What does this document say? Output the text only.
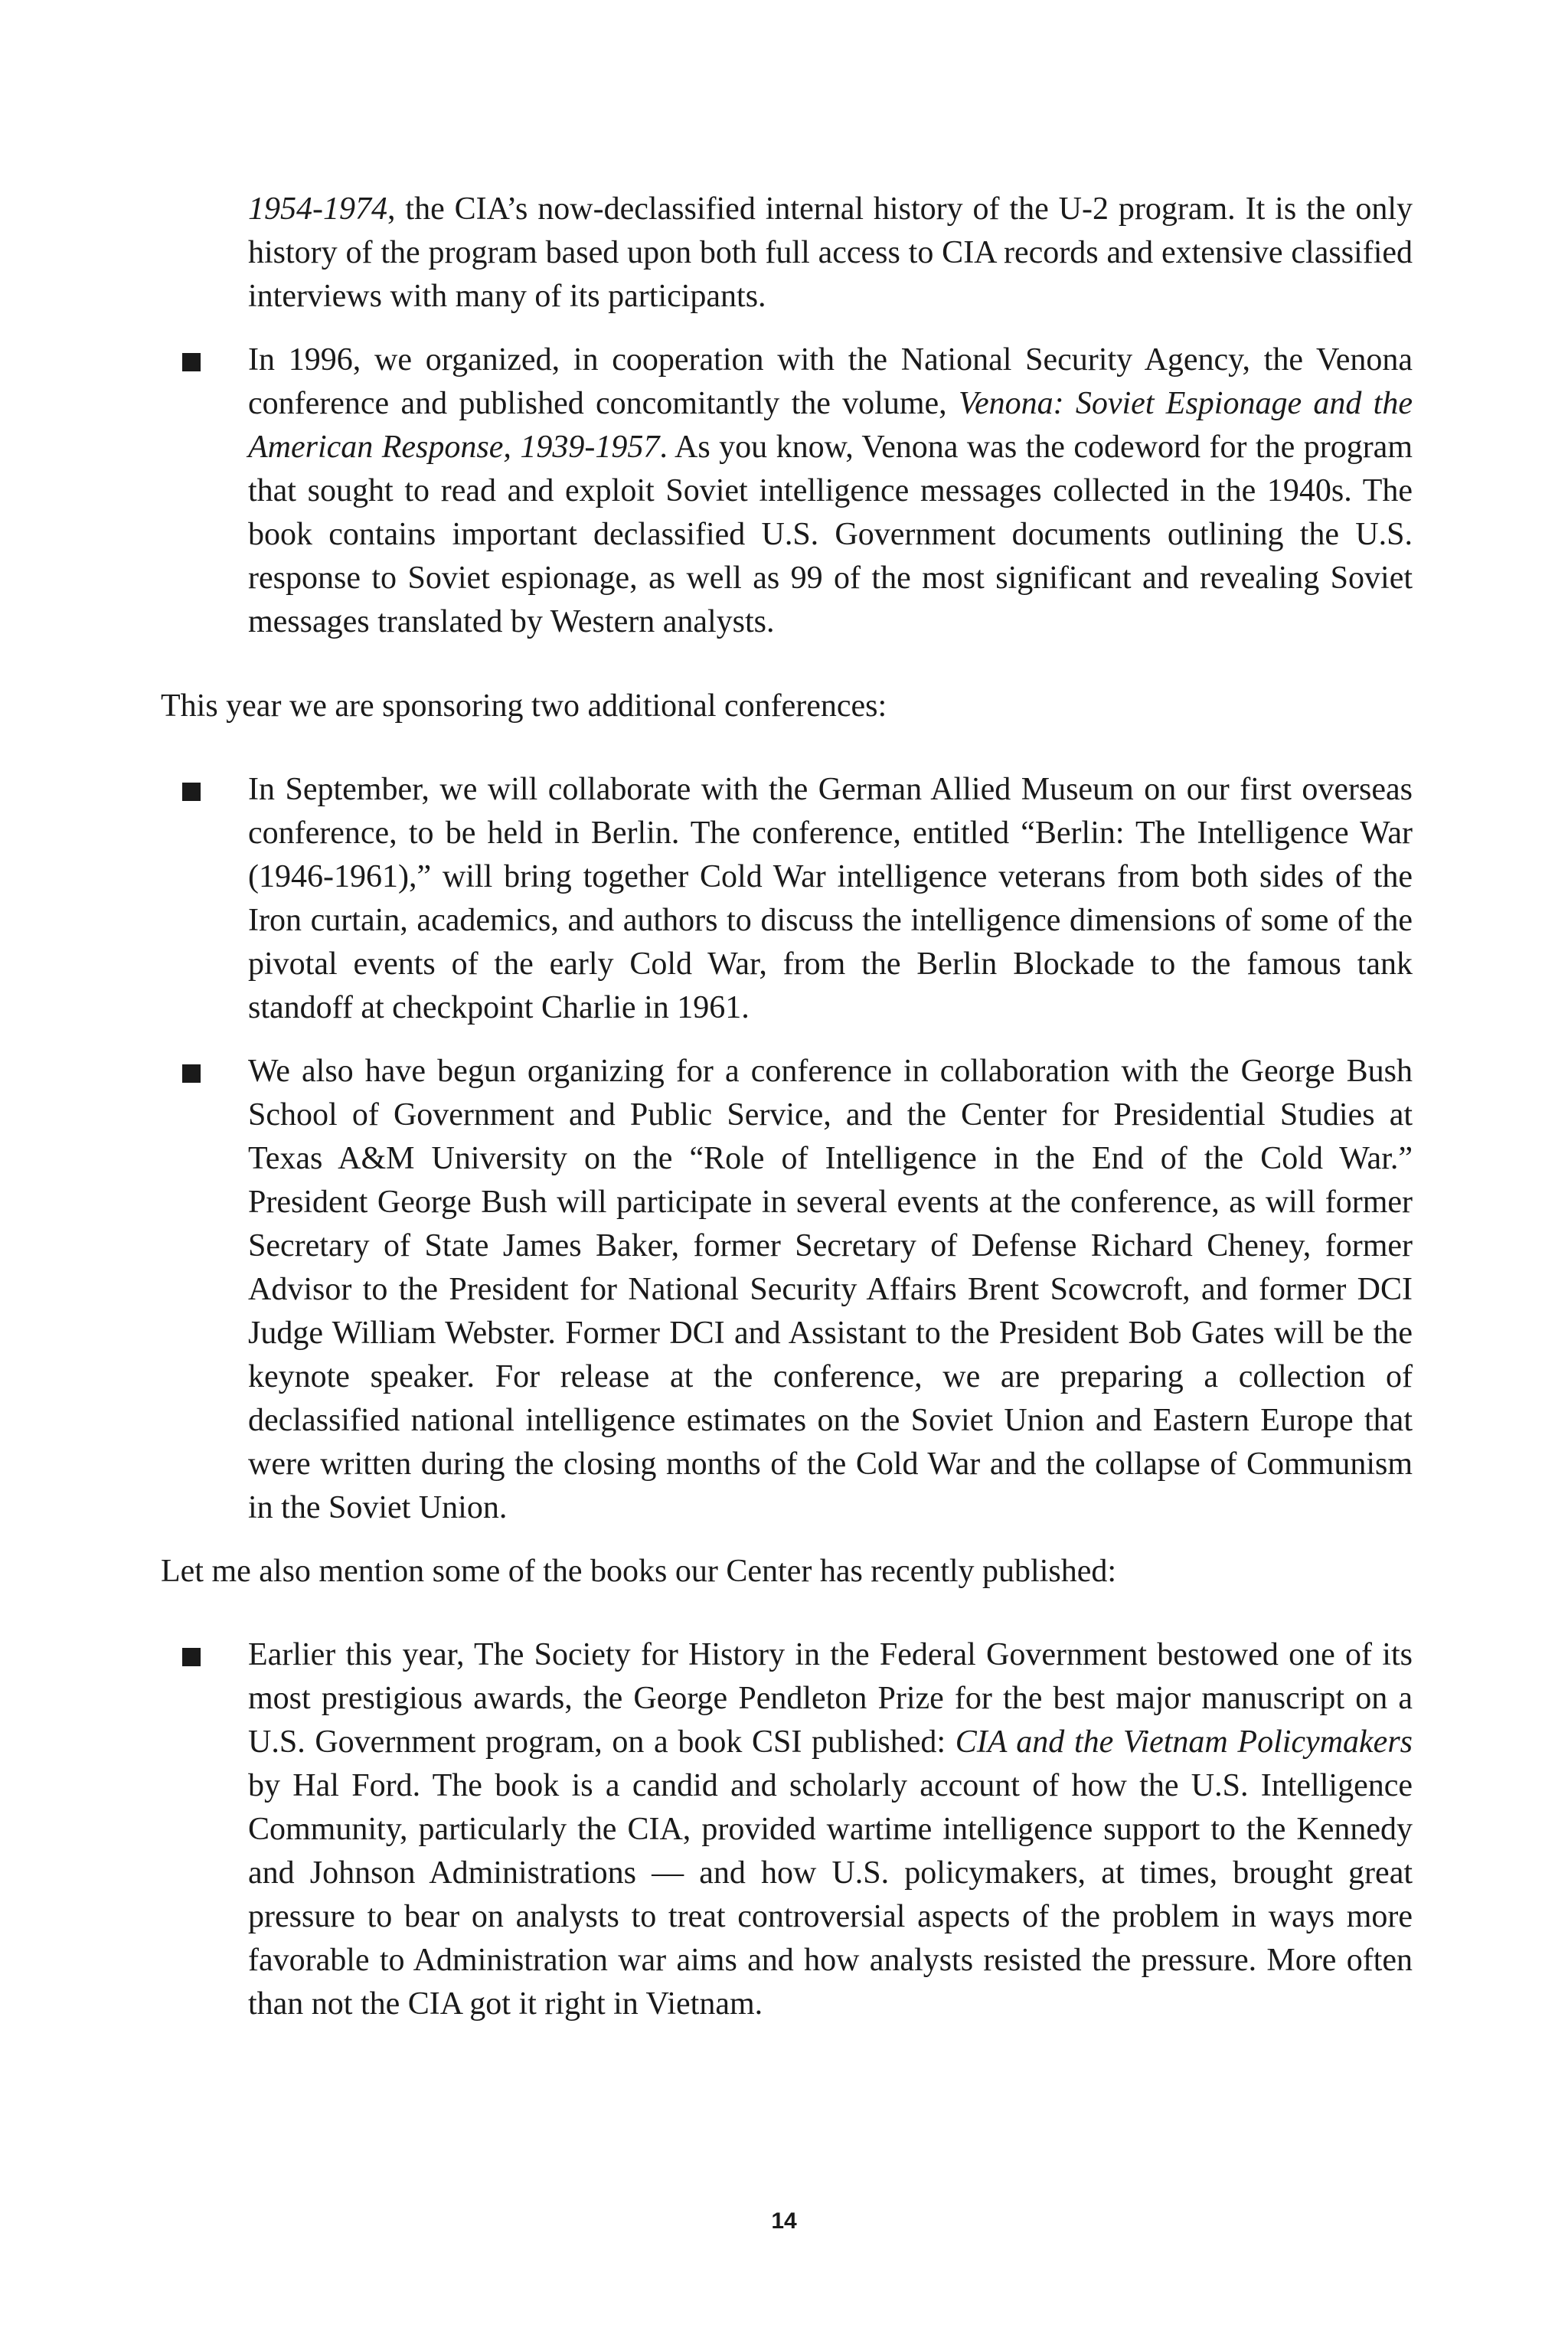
1954-1974, the CIA’s now-declassified internal history of the U-2 program. It is the only history of the program based upon both full access to CIA records and extensive classified interviews with many of its participants.

In 1996, we organized, in cooperation with the National Security Agency, the Venona conference and published concomitantly the volume, Venona: Soviet Espionage and the American Response, 1939-1957. As you know, Venona was the codeword for the program that sought to read and exploit Soviet intelligence messages collected in the 1940s. The book contains important declassified U.S. Government documents outlining the U.S. response to Soviet espionage, as well as 99 of the most significant and revealing Soviet messages translated by Western analysts.

This year we are sponsoring two additional conferences:

In September, we will collaborate with the German Allied Museum on our first overseas conference, to be held in Berlin. The conference, entitled “Berlin: The Intelligence War (1946-1961),” will bring together Cold War intelligence veterans from both sides of the Iron curtain, academics, and authors to discuss the intelligence dimensions of some of the pivotal events of the early Cold War, from the Berlin Blockade to the famous tank standoff at checkpoint Charlie in 1961.

We also have begun organizing for a conference in collaboration with the George Bush School of Government and Public Service, and the Center for Presidential Studies at Texas A&M University on the “Role of Intelligence in the End of the Cold War.” President George Bush will participate in several events at the conference, as will former Secretary of State James Baker, former Secretary of Defense Richard Cheney, former Advisor to the President for National Security Affairs Brent Scowcroft, and former DCI Judge William Webster. Former DCI and Assistant to the President Bob Gates will be the keynote speaker. For release at the conference, we are preparing a collection of declassified national intelligence estimates on the Soviet Union and Eastern Europe that were written during the closing months of the Cold War and the collapse of Communism in the Soviet Union.

Let me also mention some of the books our Center has recently published:

Earlier this year, The Society for History in the Federal Government bestowed one of its most prestigious awards, the George Pendleton Prize for the best major manuscript on a U.S. Government program, on a book CSI published: CIA and the Vietnam Policymakers by Hal Ford. The book is a candid and scholarly account of how the U.S. Intelligence Community, particularly the CIA, provided wartime intelligence support to the Kennedy and Johnson Administrations — and how U.S. policymakers, at times, brought great pressure to bear on analysts to treat controversial aspects of the problem in ways more favorable to Administration war aims and how analysts resisted the pressure. More often than not the CIA got it right in Vietnam.

14
